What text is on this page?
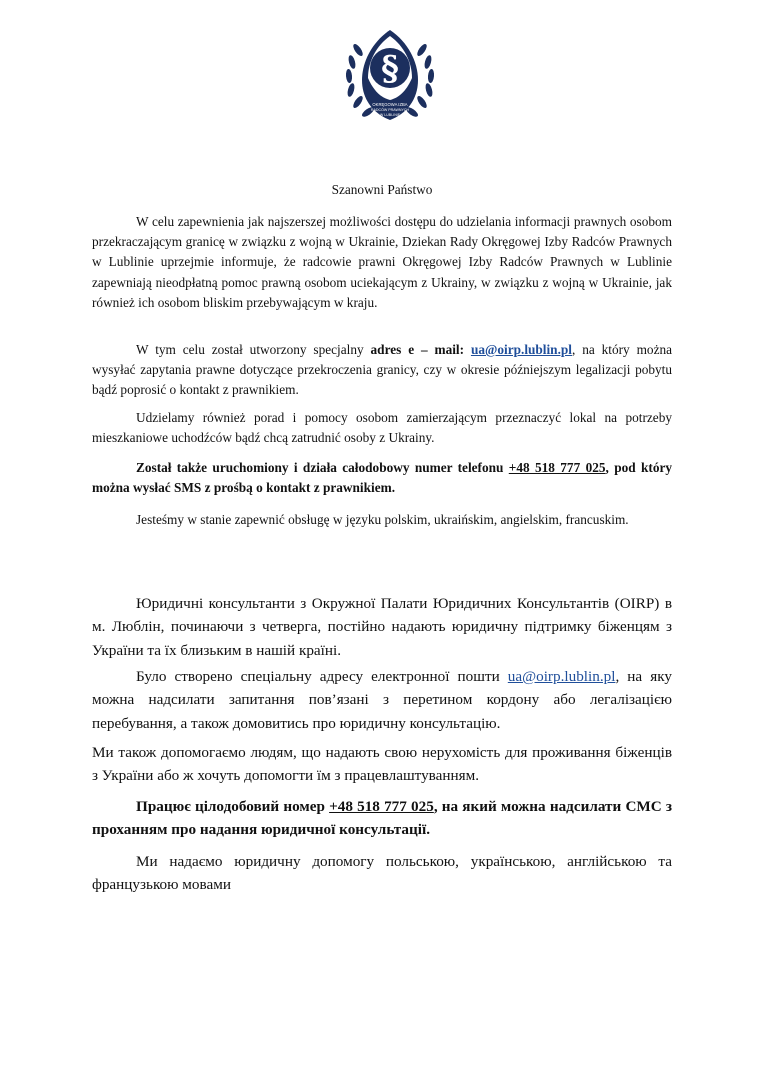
§
OKRĘGOWA IZBA
RADCÓW PRAWNYCH
W LUBLINIE
Szanowni Państwo
W celu zapewnienia jak najszerszej możliwości dostępu do udzielania informacji prawnych osobom przekraczającym granicę w związku z wojną w Ukrainie, Dziekan Rady Okręgowej Izby Radców Prawnych w Lublinie uprzejmie informuje, że radcowie prawni Okręgowej Izby Radców Prawnych w Lublinie zapewniają nieodpłatną pomoc prawną osobom uciekającym z Ukrainy, w związku z wojną w Ukrainie, jak również ich osobom bliskim przebywającym w kraju.
W tym celu został utworzony specjalny adres e – mail: ua@oirp.lublin.pl, na który można wysyłać zapytania prawne dotyczące przekroczenia granicy, czy w okresie późniejszym legalizacji pobytu bądź poprosić o kontakt z prawnikiem.
Udzielamy również porad i pomocy osobom zamierzającym przeznaczyć lokal na potrzeby mieszkaniowe uchodźców bądź chcą zatrudnić osoby z Ukrainy.
Został także uruchomiony i działa całodobowy numer telefonu +48 518 777 025, pod który można wysłać SMS z prośbą o kontakt z prawnikiem.
Jesteśmy w stanie zapewnić obsługę w języku polskim, ukraińskim, angielskim, francuskim.
Юридичні консультанти з Окружної Палати Юридичних Консультантів (OIRP) в м. Люблін, починаючи з четверга, постійно надають юридичну підтримку біженцям з України та їх близьким в нашій країні.
Було створено спеціальну адресу електронної пошти ua@oirp.lublin.pl, на яку можна надсилати запитання пов’язані з перетином кордону або легалізацією перебування, а також домовитись про юридичну консультацію.
Ми також допомогаємо людям, що надають свою нерухомість для проживання біженців з України або ж хочуть допомогти їм з працевлаштуванням.
Працює цілодобовий номер +48 518 777 025, на який можна надсилати СМС з проханням про надання юридичної консультації.
Ми надаємо юридичну допомогу польською, українською, англійською та французькою мовами
